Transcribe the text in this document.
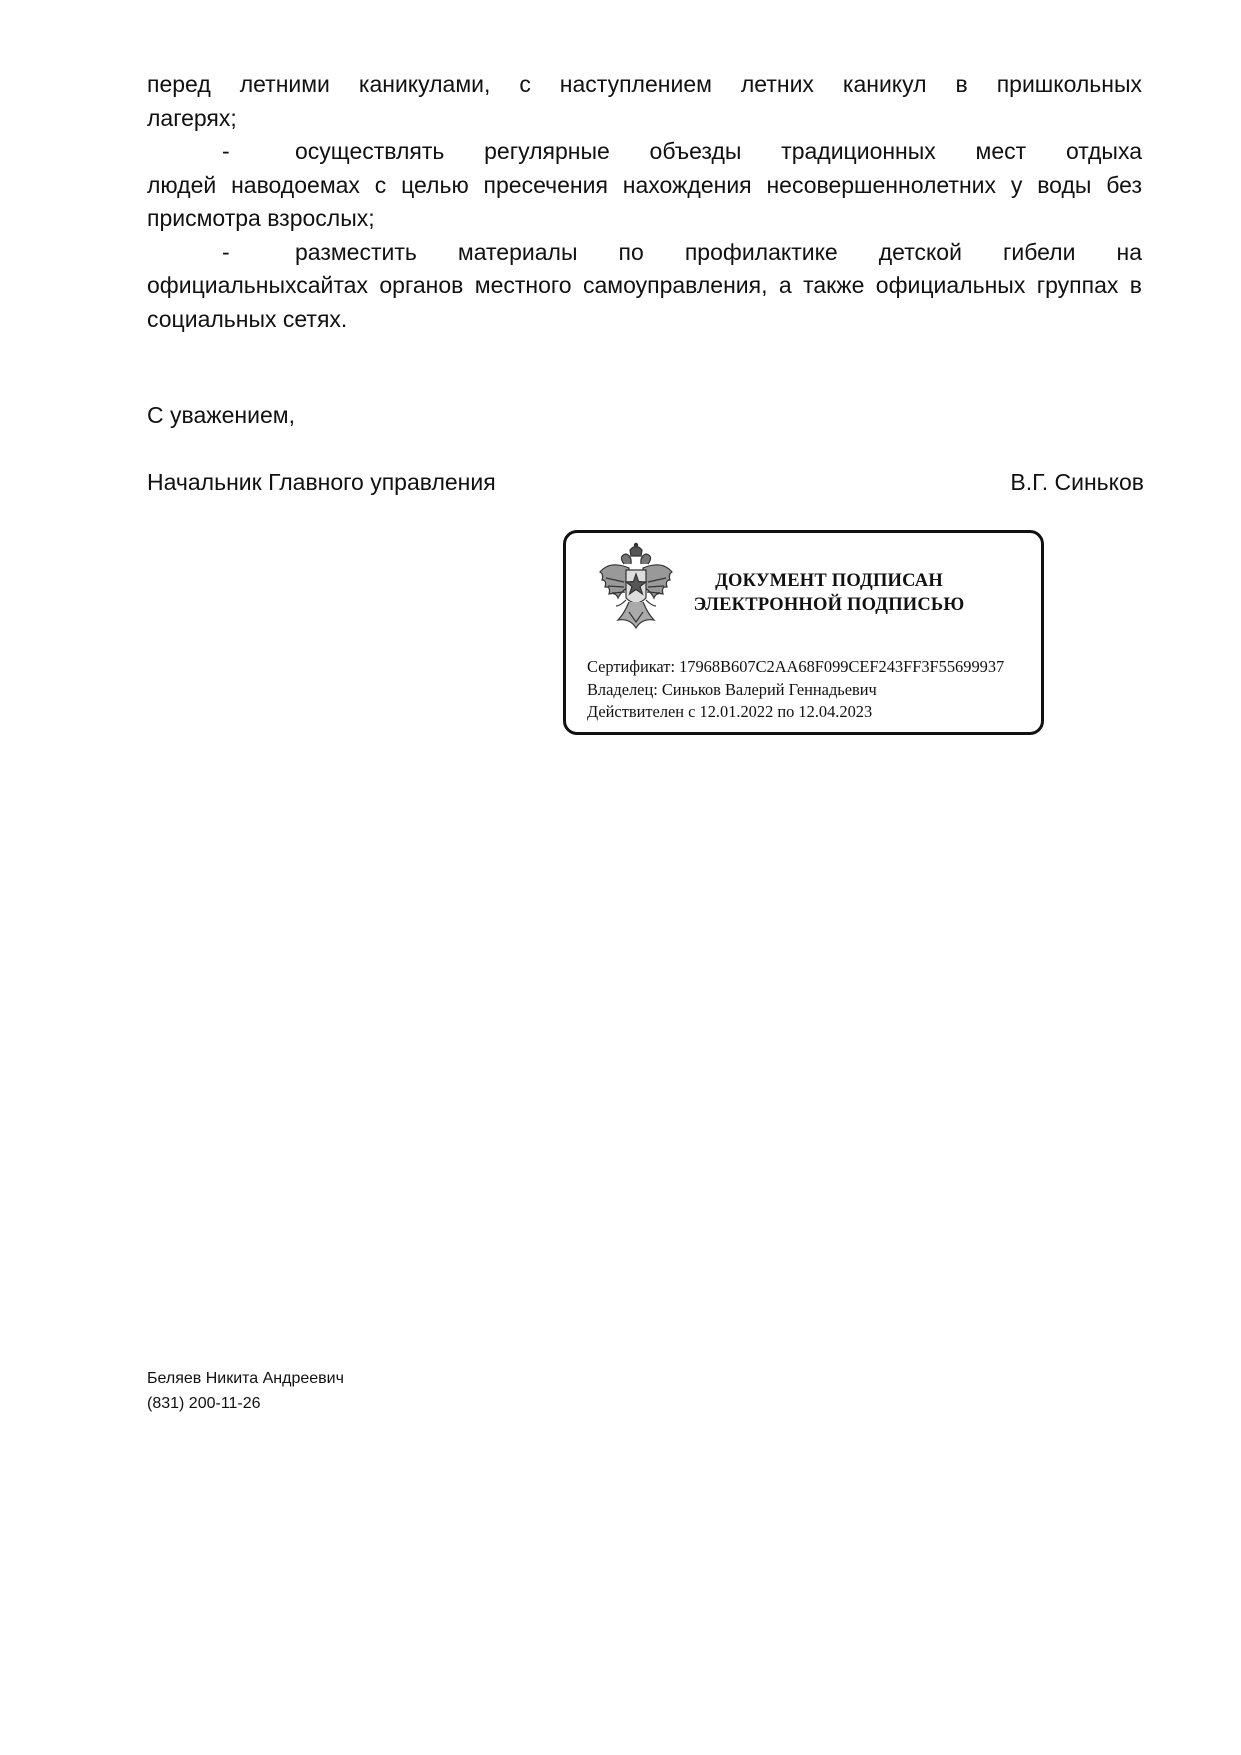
перед летними каникулами, с наступлением летних каникул в пришкольных
лагерях;

-	осуществлять регулярные объезды традиционных мест отдыха
людей наводоемах с целью пресечения нахождения несовершеннолетних у воды без присмотра взрослых;

-	разместить материалы по профилактике детской гибели на
официальныхсайтах органов местного самоуправления, а также официальных группах в социальных сетях.

С уважением,
Начальник Главного управления	В.Г. Синьков
ДОКУМЕНТ ПОДПИСАН
ЭЛЕКТРОННОЙ ПОДПИСЬЮ
Сертификат: 17968B607C2AA68F099CEF243FF3F55699937
Владелец: Синьков Валерий Геннадьевич
Действителен с 12.01.2022 по 12.04.2023
Беляев Никита Андреевич
(831) 200-11-26
